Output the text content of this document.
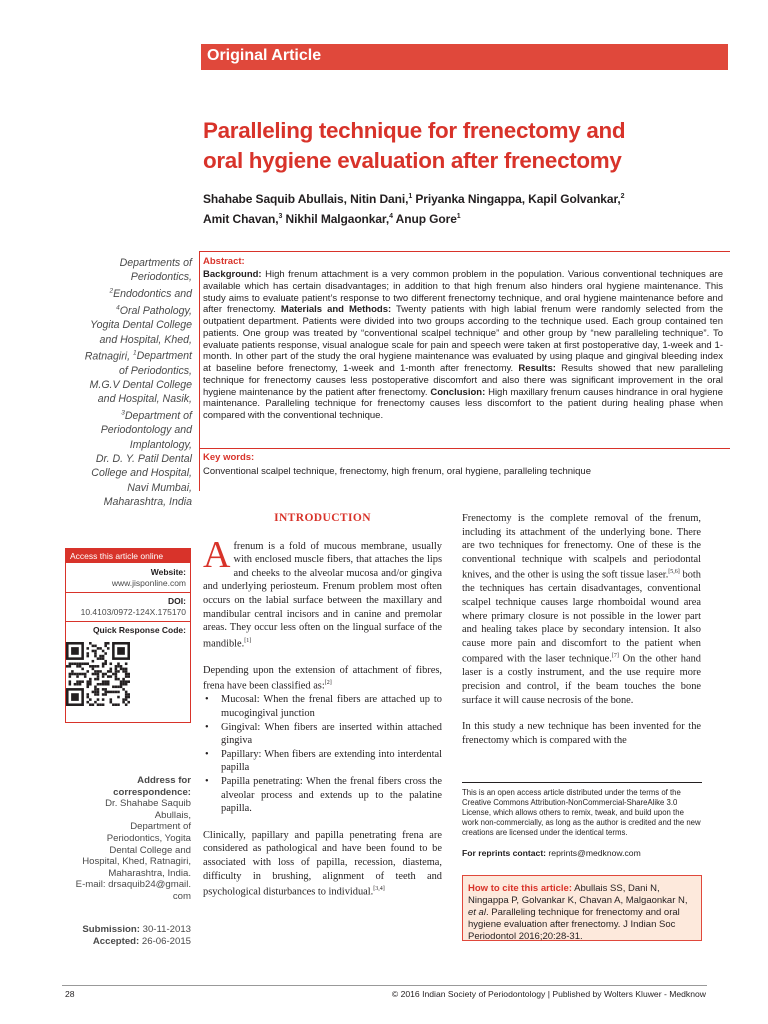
Original Article
Paralleling technique for frenectomy and
oral hygiene evaluation after frenectomy
Shahabe Saquib Abullais, Nitin Dani,$^1$ Priyanka Ningappa, Kapil Golvankar,$^2$
Amit Chavan,$^3$ Nikhil Malgaonkar,$^4$ Anup Gore$^1$
Departments of
Periodontics,
$^2$Endodontics and
$^4$Oral Pathology,
Yogita Dental College
and Hospital, Khed,
Ratnagiri, $^1$Department
of Periodontics,
M.G.V Dental College
and Hospital, Nasik,
$^3$Department of
Periodontology and
Implantology,
Dr. D. Y. Patil Dental
College and Hospital,
Navi Mumbai,
Maharashtra, India

Abstract:
Background: High frenum attachment is a very common problem in the population. Various conventional techniques are available which has certain disadvantages; in addition to that high frenum also hinders oral hygiene maintenance. This study aims to evaluate patient’s response to two different frenectomy technique, and oral hygiene maintenance before and after frenectomy. Materials and Methods: Twenty patients with high labial frenum were randomly selected from the outpatient department. Patients were divided into two groups according to the technique used. Each group contained ten patients. One group was treated by “conventional scalpel technique” and other group by “new paralleling technique”. To evaluate patients response, visual analogue scale for pain and speech were taken at first postoperative day, 1-week and 1-month. In other part of the study the oral hygiene maintenance was evaluated by using plaque and gingival bleeding index at baseline before frenectomy, 1-week and 1-month after frenectomy. Results: Results showed that new paralleling technique for frenectomy causes less postoperative discomfort and also there was significant improvement in the oral hygiene maintenance by the patient after frenectomy. Conclusion: High maxillary frenum causes hindrance in oral hygiene maintenance. Paralleling technique for frenectomy causes less discomfort to the patient during healing phase when compared with the conventional technique.
Key words:
Conventional scalpel technique, frenectomy, high frenum, oral hygiene, paralleling technique
Access this article online
Website:
www.jisponline.com
DOI:
10.4103/0972-124X.175170
Quick Response Code:
Address for
correspondence:
Dr. Shahabe Saquib
Abullais,
Department of
Periodontics, Yogita
Dental College and
Hospital, Khed, Ratnagiri,
Maharashtra, India.
E-mail: drsaquib24@gmail.
com
Submission: 30-11-2013
Accepted: 26-06-2015
INTRODUCTION

A frenum is a fold of mucous membrane, usually with enclosed muscle fibers, that attaches the lips and cheeks to the alveolar mucosa and/or gingiva and underlying periosteum. Frenum problem most often occurs on the labial surface between the maxillary and mandibular central incisors and in canine and premolar areas. They occur less often on the lingual surface of the mandible.[1]

Depending upon the extension of attachment of fibres, frena have been classified as:[2]

• Mucosal: When the frenal fibers are attached up to mucogingival junction
• Gingival: When fibers are inserted within attached gingiva
• Papillary: When fibers are extending into interdental papilla
• Papilla penetrating: When the frenal fibers cross the alveolar process and extends up to the palatine papilla.

Clinically, papillary and papilla penetrating frena are considered as pathological and have been found to be associated with loss of papilla, recession, diastema, difficulty in brushing, alignment of teeth and psychological disturbances to individual.[3,4]

Frenectomy is the complete removal of the frenum, including its attachment of the underlying bone. There are two techniques for frenectomy. One of these is the conventional technique with scalpels and periodontal knives, and the other is using the soft tissue laser.[5,6] both the techniques has certain disadvantages, conventional scalpel technique causes large rhomboidal wound area where primary closure is not possible in the lower part and healing takes place by secondary intension. It also cause more pain and discomfort to the patient when compared with the laser technique.[7] On the other hand laser is a costly instrument, and the use require more precision and control, if the beam touches the bone surface it will cause necrosis of the bone.

In this study a new technique has been invented for the frenectomy which is compared with the

This is an open access article distributed under the terms of the Creative Commons Attribution-NonCommercial-ShareAlike 3.0 License, which allows others to remix, tweak, and build upon the work non-commercially, as long as the author is credited and the new creations are licensed under the identical terms.
For reprints contact: reprints@medknow.com
How to cite this article: Abullais SS, Dani N, Ningappa P, Golvankar K, Chavan A, Malgaonkar N, et al. Paralleling technique for frenectomy and oral hygiene evaluation after frenectomy. J Indian Soc Periodontol 2016;20:28-31.
28	© 2016 Indian Society of Periodontology | Published by Wolters Kluwer - Medknow
